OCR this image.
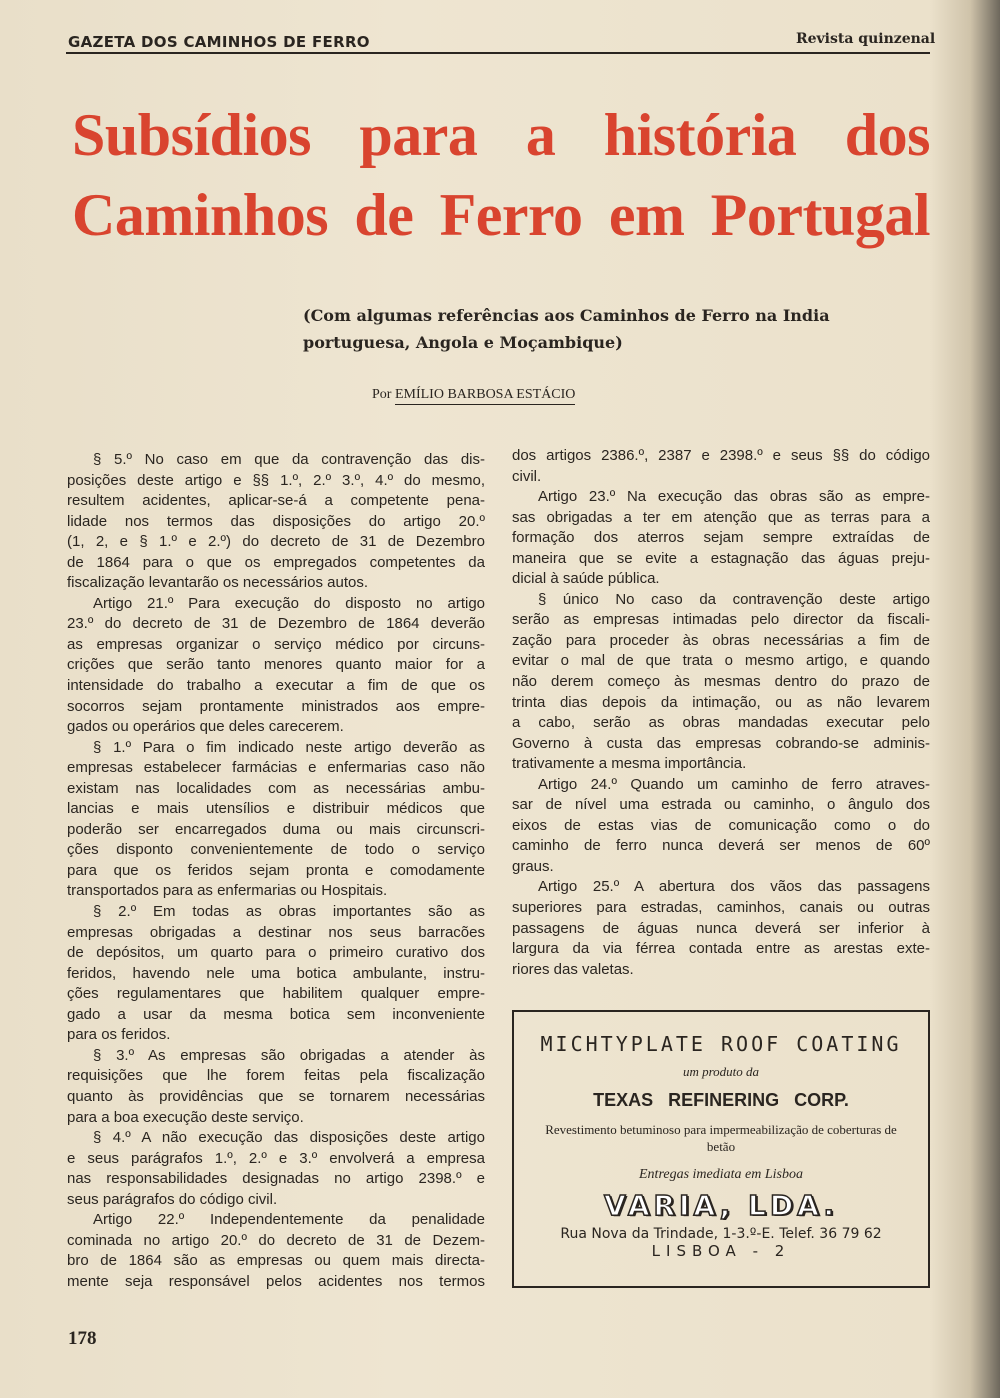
GAZETA DOS CAMINHOS DE FERRO	Revista quinzenal
Subsídios para a história dos
Caminhos de Ferro em Portugal
(Com algumas referências aos Caminhos de Ferro na India portuguesa, Angola e Moçambique)
Por EMÍLIO BARBOSA ESTÁCIO
§ 5.º No caso em que da contravenção das dis-
posições deste artigo e §§ 1.º, 2.º 3.º, 4.º do mesmo,
resultem acidentes, aplicar-se-á a competente pena-
lidade nos termos das disposições do artigo 20.º
(1, 2, e § 1.º e 2.º) do decreto de 31 de Dezembro
de 1864 para o que os empregados competentes da
fiscalização levantarão os necessários autos.
Artigo 21.º Para execução do disposto no artigo
23.º do decreto de 31 de Dezembro de 1864 deverão
as empresas organizar o serviço médico por circuns-
crições que serão tanto menores quanto maior for a
intensidade do trabalho a executar a fim de que os
socorros sejam prontamente ministrados aos empre-
gados ou operários que deles carecerem.
§ 1.º Para o fim indicado neste artigo deverão as
empresas estabelecer farmácias e enfermarias caso não
existam nas localidades com as necessárias ambu-
lancias e mais utensílios e distribuir médicos que
poderão ser encarregados duma ou mais circunscri-
ções disponto convenientemente de todo o serviço
para que os feridos sejam pronta e comodamente
transportados para as enfermarias ou Hospitais.
§ 2.º Em todas as obras importantes são as
empresas obrigadas a destinar nos seus barracões
de depósitos, um quarto para o primeiro curativo dos
feridos, havendo nele uma botica ambulante, instru-
ções regulamentares que habilitem qualquer empre-
gado a usar da mesma botica sem inconveniente
para os feridos.
§ 3.º As empresas são obrigadas a atender às
requisições que lhe forem feitas pela fiscalização
quanto às providências que se tornarem necessárias
para a boa execução deste serviço.
§ 4.º A não execução das disposições deste artigo
e seus parágrafos 1.º, 2.º e 3.º envolverá a empresa
nas responsabilidades designadas no artigo 2398.º e
seus parágrafos do código civil.
Artigo 22.º Independentemente da penalidade
cominada no artigo 20.º do decreto de 31 de Dezem-
bro de 1864 são as empresas ou quem mais directa-
mente seja responsável pelos acidentes nos termos
dos artigos 2386.º, 2387 e 2398.º e seus §§ do código
civil.
Artigo 23.º Na execução das obras são as empre-
sas obrigadas a ter em atenção que as terras para a
formação dos aterros sejam sempre extraídas de
maneira que se evite a estagnação das águas preju-
dicial à saúde pública.
§ único No caso da contravenção deste artigo
serão as empresas intimadas pelo director da fiscali-
zação para proceder às obras necessárias a fim de
evitar o mal de que trata o mesmo artigo, e quando
não derem começo às mesmas dentro do prazo de
trinta dias depois da intimação, ou as não levarem
a cabo, serão as obras mandadas executar pelo
Governo à custa das empresas cobrando-se adminis-
trativamente a mesma importância.
Artigo 24.º Quando um caminho de ferro atraves-
sar de nível uma estrada ou caminho, o ângulo dos
eixos de estas vias de comunicação como o do
caminho de ferro nunca deverá ser menos de 60º
graus.
Artigo 25.º A abertura dos vãos das passagens
superiores para estradas, caminhos, canais ou outras
passagens de águas nunca deverá ser inferior à
largura da via férrea contada entre as arestas exte-
riores das valetas.
MICHTYPLATE ROOF COATING
um produto da
TEXAS REFINERING CORP.
Revestimento betuminoso para impermeabilização de coberturas de betão
Entregas imediata em Lisboa
VARIA, LDA.
Rua Nova da Trindade, 1-3.º-E. Telef. 36 79 62
LISBOA - 2
178
